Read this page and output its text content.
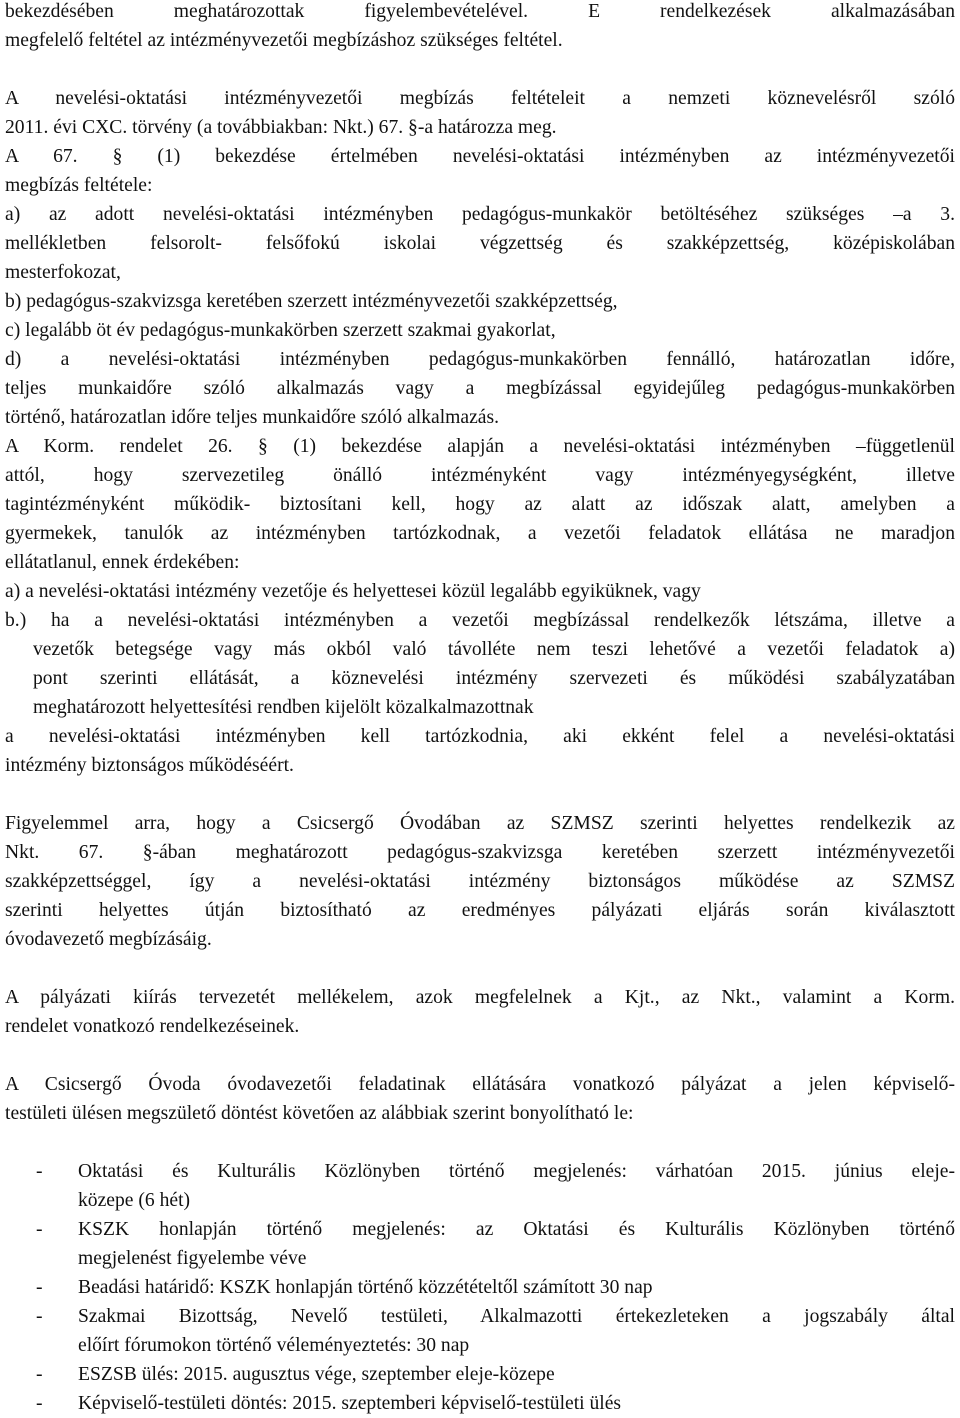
bekezdésében meghatározottak figyelembevételével. E rendelkezések alkalmazásában

megfelelő feltétel az intézményvezetői megbízáshoz szükséges feltétel.

A nevelési-oktatási intézményvezetői megbízás feltételeit a nemzeti köznevelésről szóló

2011. évi CXC. törvény (a továbbiakban: Nkt.) 67. §-a határozza meg.

A 67. § (1) bekezdése értelmében nevelési-oktatási intézményben az intézményvezetői

megbízás feltétele:

a) az adott nevelési-oktatási intézményben pedagógus-munkakör betöltéséhez szükséges –a 3.

mellékletben felsorolt- felsőfokú iskolai végzettség és szakképzettség, középiskolában

mesterfokozat,

b) pedagógus-szakvizsga keretében szerzett intézményvezetői szakképzettség,

c) legalább öt év pedagógus-munkakörben szerzett szakmai gyakorlat,

d) a nevelési-oktatási intézményben pedagógus-munkakörben fennálló, határozatlan időre,

teljes munkaidőre szóló alkalmazás vagy a megbízással egyidejűleg pedagógus-munkakörben

történő, határozatlan időre teljes munkaidőre szóló alkalmazás.

A Korm. rendelet 26. § (1) bekezdése alapján a nevelési-oktatási intézményben –függetlenül

attól, hogy szervezetileg önálló intézményként vagy intézményegységként, illetve

tagintézményként működik- biztosítani kell, hogy az alatt az időszak alatt, amelyben a

gyermekek, tanulók az intézményben tartózkodnak, a vezetői feladatok ellátása ne maradjon

ellátatlanul, ennek érdekében:

a) a nevelési-oktatási intézmény vezetője és helyettesei közül legalább egyiküknek, vagy

b.) ha a nevelési-oktatási intézményben a vezetői megbízással rendelkezők létszáma, illetve a

vezetők betegsége vagy más okból való távolléte nem teszi lehetővé a vezetői feladatok a)

pont szerinti ellátását, a köznevelési intézmény szervezeti és működési szabályzatában

meghatározott helyettesítési rendben kijelölt közalkalmazottnak

a nevelési-oktatási intézményben kell tartózkodnia, aki ekként felel a nevelési-oktatási

intézmény biztonságos működéséért.

Figyelemmel arra, hogy a Csicsergő Óvodában az SZMSZ szerinti helyettes rendelkezik az

Nkt. 67. §-ában meghatározott pedagógus-szakvizsga keretében szerzett intézményvezetői

szakképzettséggel, így a nevelési-oktatási intézmény biztonságos működése az SZMSZ

szerinti helyettes útján biztosítható az eredményes pályázati eljárás során kiválasztott

óvodavezető megbízásáig.

A pályázati kiírás tervezetét mellékelem, azok megfelelnek a Kjt., az Nkt., valamint a Korm.

rendelet vonatkozó rendelkezéseinek.

A Csicsergő Óvoda óvodavezetői feladatinak ellátására vonatkozó pályázat a jelen képviselő-

testületi ülésen megszülető döntést követően az alábbiak szerint bonyolítható le:

- Oktatási és Kulturális Közlönyben történő megjelenés: várhatóan 2015. június eleje-

közepe (6 hét)

- KSZK honlapján történő megjelenés: az Oktatási és Kulturális Közlönyben történő

megjelenést figyelembe véve

- Beadási határidő: KSZK honlapján történő közzétételtől számított 30 nap

- Szakmai Bizottság, Nevelő testületi, Alkalmazotti értekezleteken a jogszabály által

előírt fórumokon történő véleményeztetés: 30 nap

- ESZSB ülés: 2015. augusztus vége, szeptember eleje-közepe

- Képviselő-testületi döntés: 2015. szeptemberi képviselő-testületi ülés
